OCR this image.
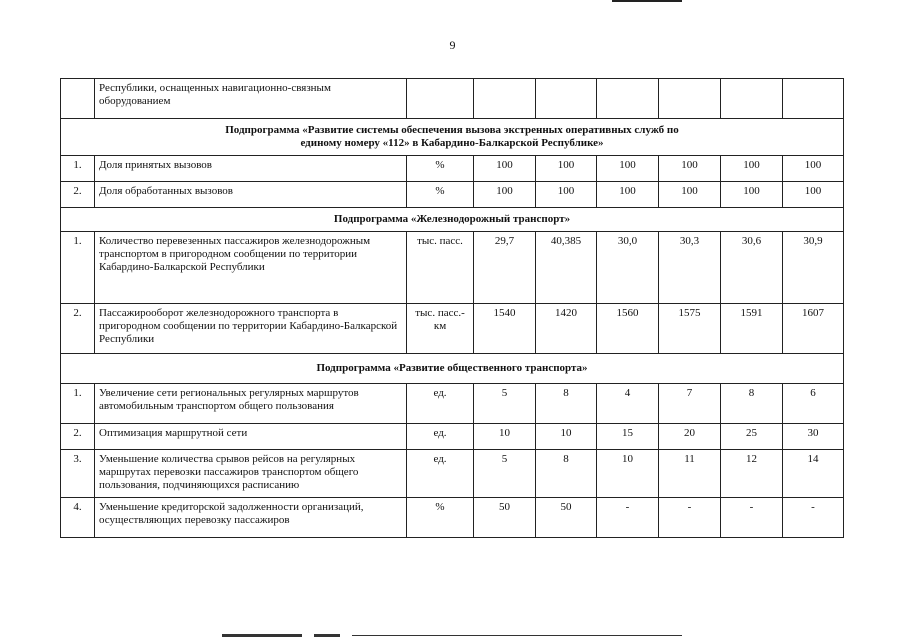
9
	Республики, оснащенных навигационно-связным оборудованием							
Подпрограмма «Развитие системы обеспечения вызова экстренных оперативных служб по единому номеру «112» в Кабардино-Балкарской Республике»								
1.	Доля принятых вызовов	%	100	100	100	100	100	100
2.	Доля обработанных вызовов	%	100	100	100	100	100	100
Подпрограмма «Железнодорожный транспорт»								
1.	Количество перевезенных пассажиров железнодорожным транспортом в пригородном сообщении по территории Кабардино-Балкарской Республики	тыс. пасс.	29,7	40,385	30,0	30,3	30,6	30,9
2.	Пассажирооборот железнодорожного транспорта в пригородном сообщении по территории Кабардино-Балкарской Республики	тыс. пасс.-км	1540	1420	1560	1575	1591	1607
Подпрограмма «Развитие общественного транспорта»								
1.	Увеличение сети региональных регулярных маршрутов автомобильным транспортом общего пользования	ед.	5	8	4	7	8	6
2.	Оптимизация маршрутной сети	ед.	10	10	15	20	25	30
3.	Уменьшение количества срывов рейсов на регулярных маршрутах перевозки пассажиров транспортом общего пользования, подчиняющихся расписанию	ед.	5	8	10	11	12	14
4.	Уменьшение кредиторской задолженности организаций, осуществляющих перевозку пассажиров	%	50	50	-	-	-	-
